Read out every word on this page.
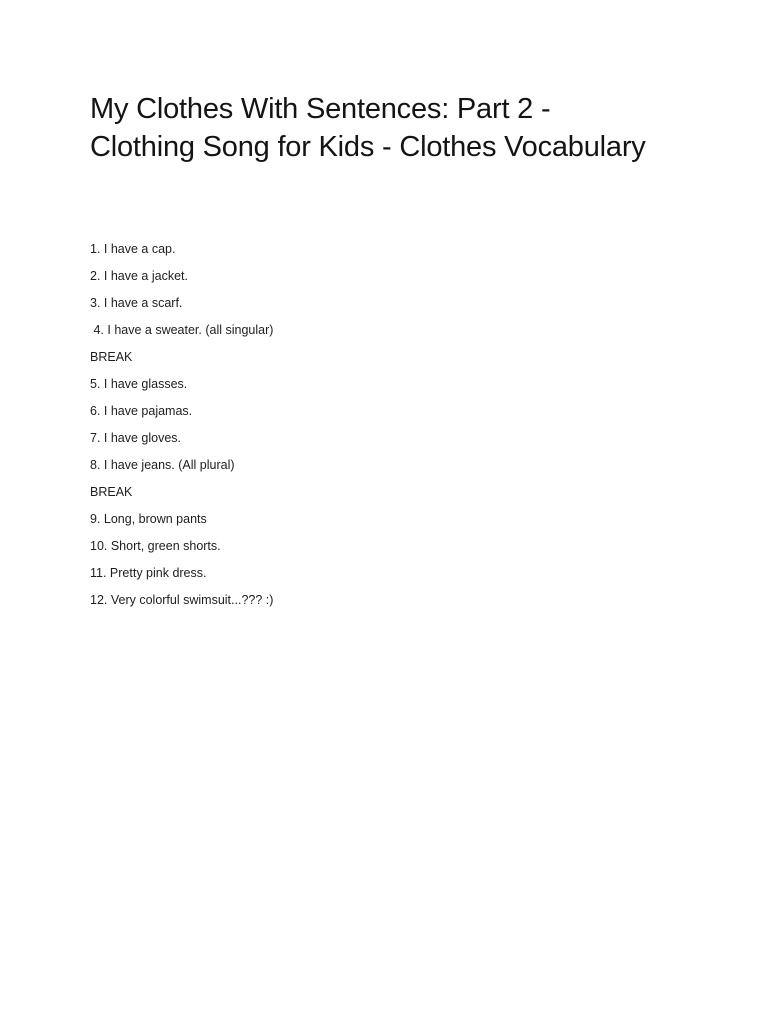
My Clothes With Sentences: Part 2 -
Clothing Song for Kids - Clothes Vocabulary
1. I have a cap.
2. I have a jacket.
3. I have a scarf.
4. I have a sweater. (all singular)
BREAK
5. I have glasses.
6. I have pajamas.
7. I have gloves.
8. I have jeans. (All plural)
BREAK
9. Long, brown pants
10. Short, green shorts.
11. Pretty pink dress.
12. Very colorful swimsuit...??? :)
